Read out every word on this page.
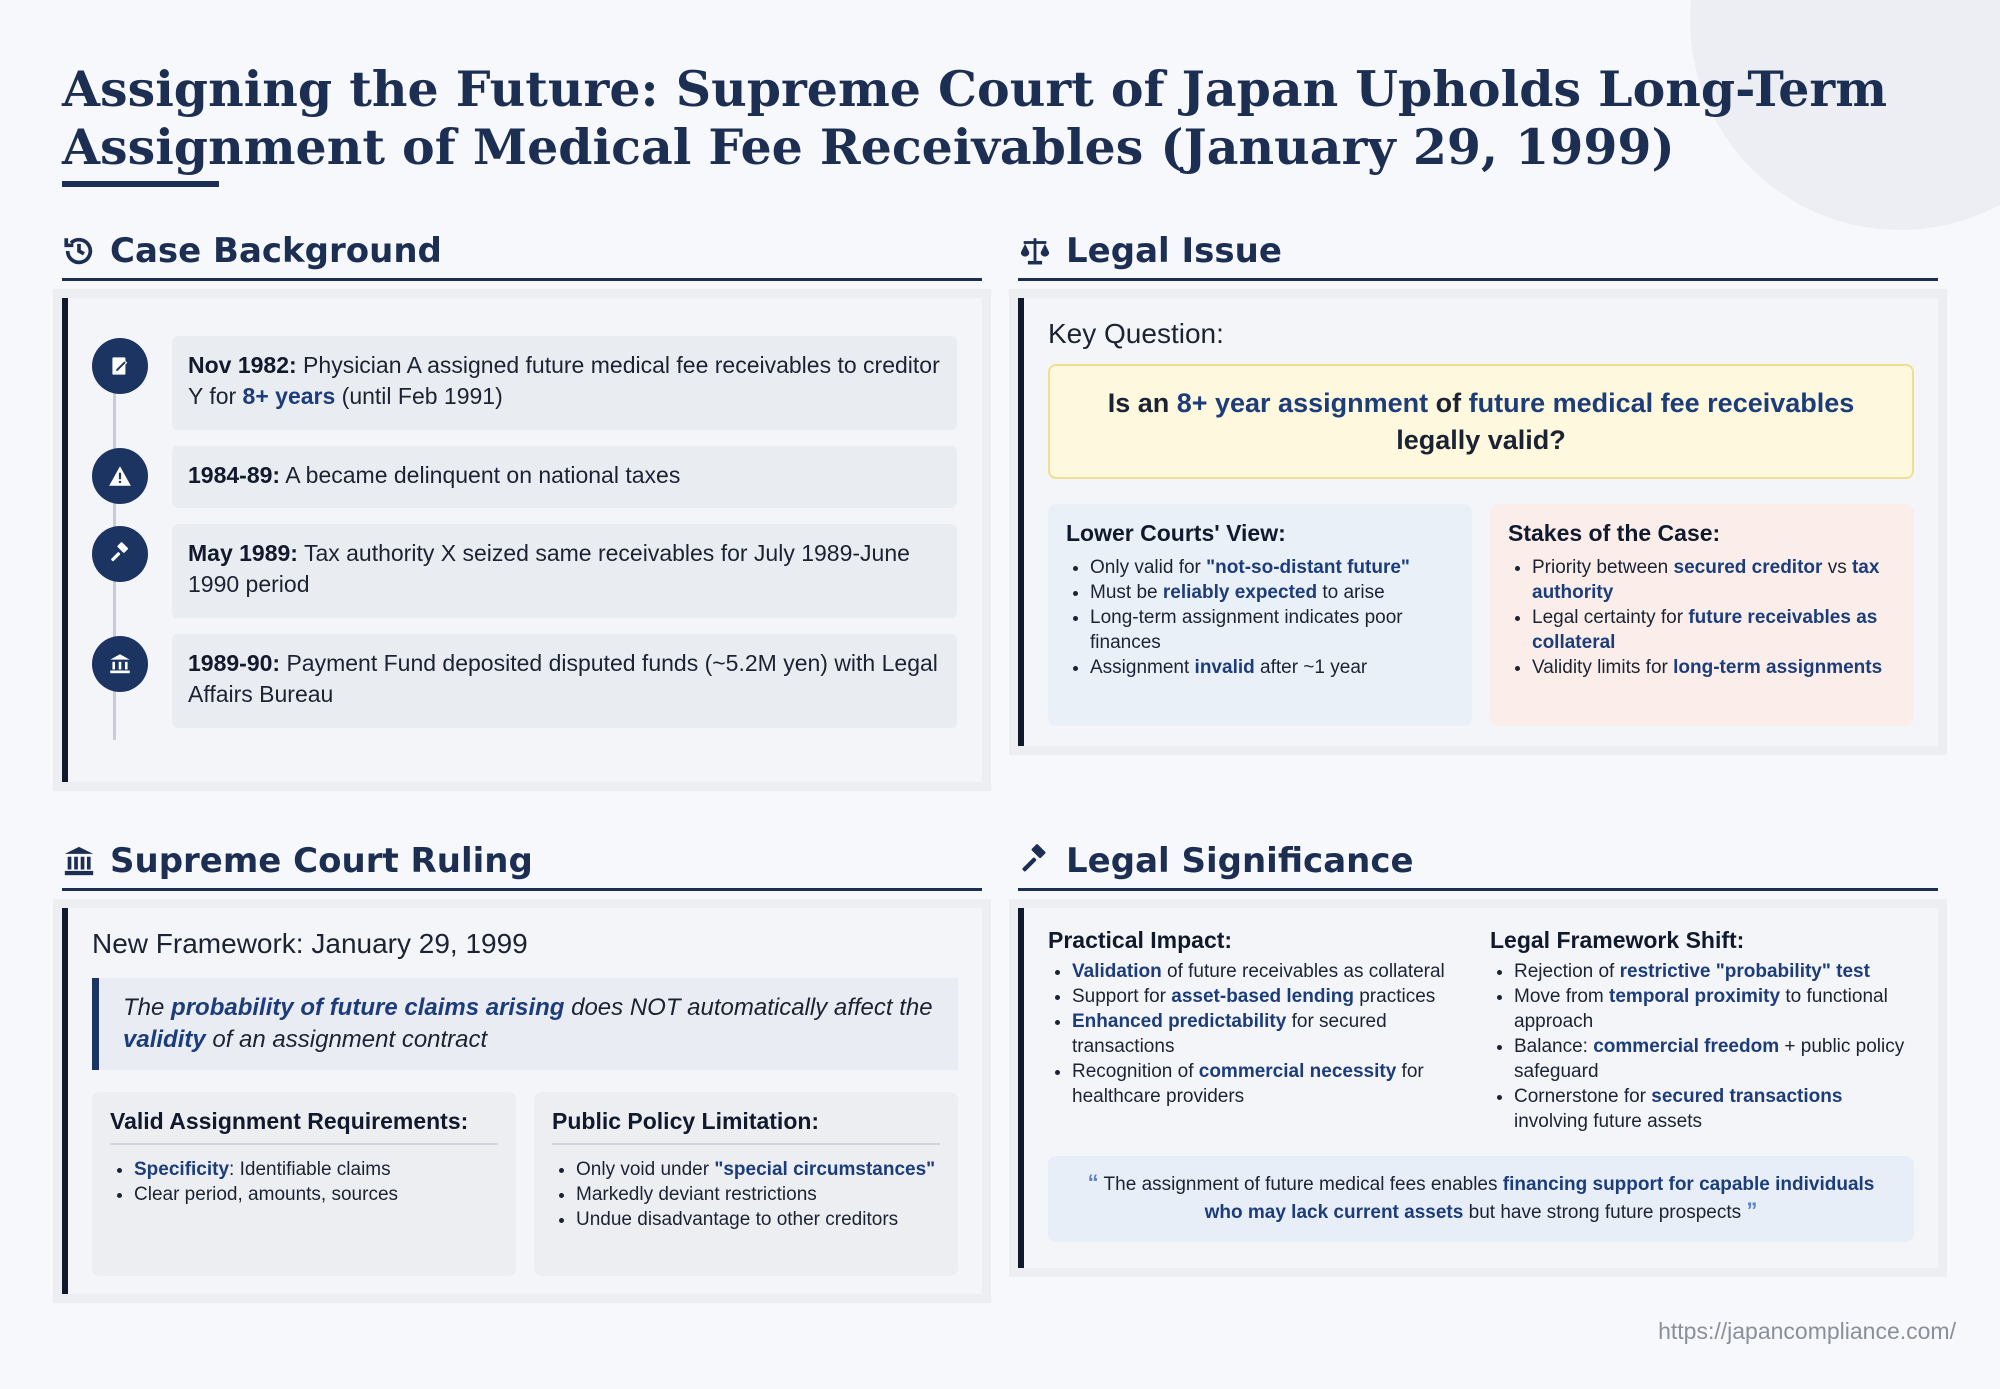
Assigning the Future: Supreme Court of Japan Upholds Long-Term Assignment of Medical Fee Receivables (January 29, 1999)
Case Background
Nov 1982: Physician A assigned future medical fee receivables to creditor Y for 8+ years (until Feb 1991)
1984-89: A became delinquent on national taxes
May 1989: Tax authority X seized same receivables for July 1989-June 1990 period
1989-90: Payment Fund deposited disputed funds (~5.2M yen) with Legal Affairs Bureau
Legal Issue
Key Question:
Is an 8+ year assignment of future medical fee receivables legally valid?
Lower Courts' View:
• Only valid for "not-so-distant future"
• Must be reliably expected to arise
• Long-term assignment indicates poor finances
• Assignment invalid after ~1 year
Stakes of the Case:
• Priority between secured creditor vs tax authority
• Legal certainty for future receivables as collateral
• Validity limits for long-term assignments
Supreme Court Ruling
New Framework: January 29, 1999
The probability of future claims arising does NOT automatically affect the validity of an assignment contract
Valid Assignment Requirements:
• Specificity: Identifiable claims
• Clear period, amounts, sources
Public Policy Limitation:
• Only void under "special circumstances"
• Markedly deviant restrictions
• Undue disadvantage to other creditors
Legal Significance
Practical Impact:
• Validation of future receivables as collateral
• Support for asset-based lending practices
• Enhanced predictability for secured transactions
• Recognition of commercial necessity for healthcare providers
Legal Framework Shift:
• Rejection of restrictive "probability" test
• Move from temporal proximity to functional approach
• Balance: commercial freedom + public policy safeguard
• Cornerstone for secured transactions involving future assets
“ The assignment of future medical fees enables financing support for capable individuals who may lack current assets but have strong future prospects ”
https://japancompliance.com/
